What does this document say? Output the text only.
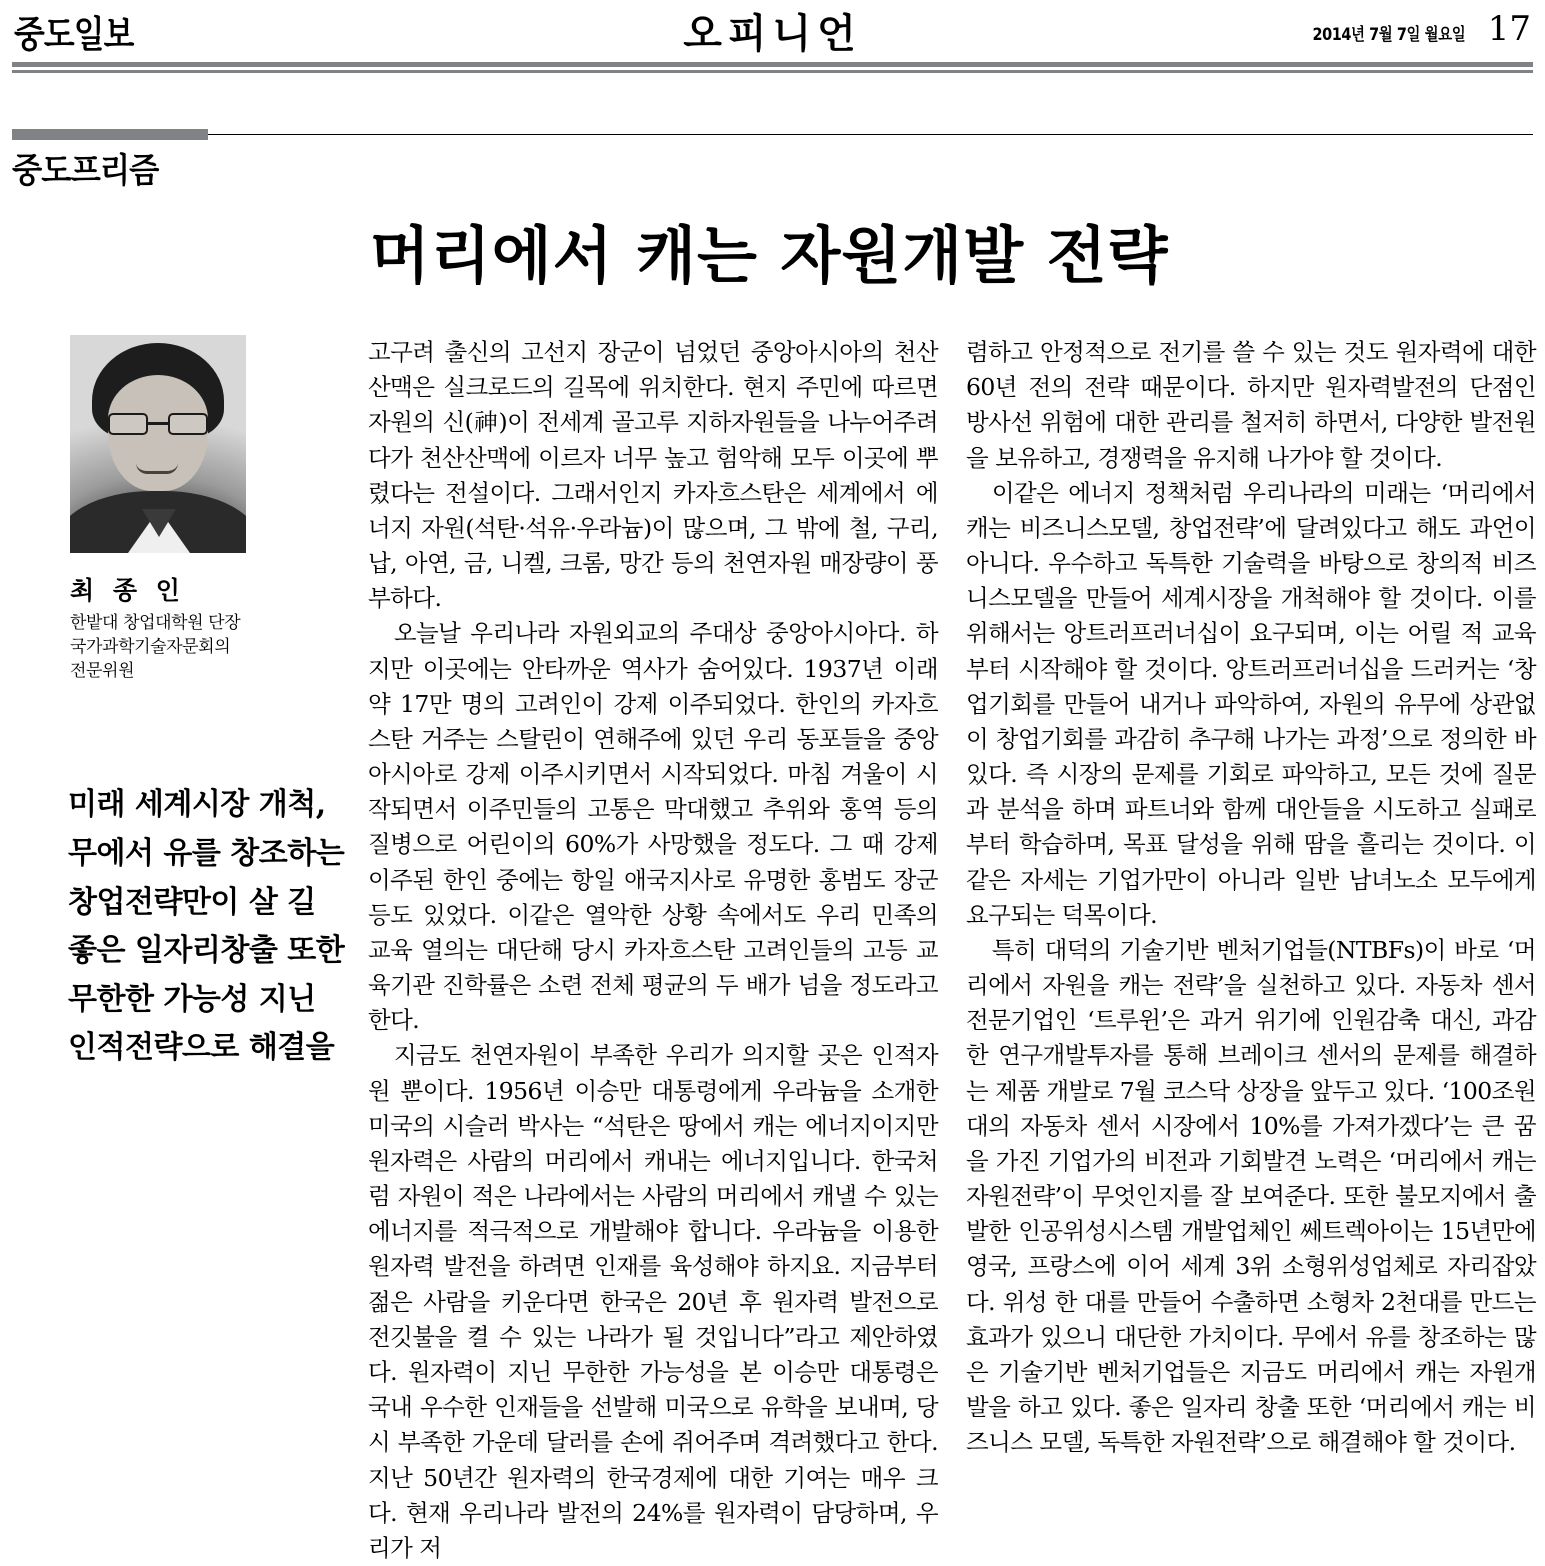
중도일보	오피니언	2014년 7월 7일 월요일 17
중도프리즘
머리에서 캐는 자원개발 전략
최 종 인
한밭대 창업대학원 단장
국가과학기술자문회의
전문위원
미래 세계시장 개척,
무에서 유를 창조하는
창업전략만이 살 길
좋은 일자리창출 또한
무한한 가능성 지닌
인적전략으로 해결을

고구려 출신의 고선지 장군이 넘었던 중앙아시아의 천산산맥은 실크로드의 길목에 위치한다. 현지 주민에 따르면 자원의 신(神)이 전세계 골고루 지하자원들을 나누어주려다가 천산산맥에 이르자 너무 높고 험악해 모두 이곳에 뿌렸다는 전설이다. 그래서인지 카자흐스탄은 세계에서 에너지 자원(석탄·석유·우라늄)이 많으며, 그 밖에 철, 구리, 납, 아연, 금, 니켈, 크롬, 망간 등의 천연자원 매장량이 풍부하다.

오늘날 우리나라 자원외교의 주대상 중앙아시아다. 하지만 이곳에는 안타까운 역사가 숨어있다. 1937년 이래 약 17만 명의 고려인이 강제 이주되었다. 한인의 카자흐스탄 거주는 스탈린이 연해주에 있던 우리 동포들을 중앙아시아로 강제 이주시키면서 시작되었다. 마침 겨울이 시작되면서 이주민들의 고통은 막대했고 추위와 홍역 등의 질병으로 어린이의 60%가 사망했을 정도다. 그 때 강제 이주된 한인 중에는 항일 애국지사로 유명한 홍범도 장군 등도 있었다. 이같은 열악한 상황 속에서도 우리 민족의 교육 열의는 대단해 당시 카자흐스탄 고려인들의 고등 교육기관 진학률은 소련 전체 평균의 두 배가 넘을 정도라고 한다.

지금도 천연자원이 부족한 우리가 의지할 곳은 인적자원 뿐이다. 1956년 이승만 대통령에게 우라늄을 소개한 미국의 시슬러 박사는 “석탄은 땅에서 캐는 에너지이지만 원자력은 사람의 머리에서 캐내는 에너지입니다. 한국처럼 자원이 적은 나라에서는 사람의 머리에서 캐낼 수 있는 에너지를 적극적으로 개발해야 합니다. 우라늄을 이용한 원자력 발전을 하려면 인재를 육성해야 하지요. 지금부터 젊은 사람을 키운다면 한국은 20년 후 원자력 발전으로 전깃불을 켤 수 있는 나라가 될 것입니다”라고 제안하였다. 원자력이 지닌 무한한 가능성을 본 이승만 대통령은 국내 우수한 인재들을 선발해 미국으로 유학을 보내며, 당시 부족한 가운데 달러를 손에 쥐어주며 격려했다고 한다. 지난 50년간 원자력의 한국경제에 대한 기여는 매우 크다. 현재 우리나라 발전의 24%를 원자력이 담당하며, 우리가 저

렴하고 안정적으로 전기를 쓸 수 있는 것도 원자력에 대한 60년 전의 전략 때문이다. 하지만 원자력발전의 단점인 방사선 위험에 대한 관리를 철저히 하면서, 다양한 발전원을 보유하고, 경쟁력을 유지해 나가야 할 것이다.

이같은 에너지 정책처럼 우리나라의 미래는 ‘머리에서 캐는 비즈니스모델, 창업전략’에 달려있다고 해도 과언이 아니다. 우수하고 독특한 기술력을 바탕으로 창의적 비즈니스모델을 만들어 세계시장을 개척해야 할 것이다. 이를 위해서는 앙트러프러너십이 요구되며, 이는 어릴 적 교육부터 시작해야 할 것이다. 앙트러프러너십을 드러커는 ‘창업기회를 만들어 내거나 파악하여, 자원의 유무에 상관없이 창업기회를 과감히 추구해 나가는 과정’으로 정의한 바 있다. 즉 시장의 문제를 기회로 파악하고, 모든 것에 질문과 분석을 하며 파트너와 함께 대안들을 시도하고 실패로부터 학습하며, 목표 달성을 위해 땀을 흘리는 것이다. 이같은 자세는 기업가만이 아니라 일반 남녀노소 모두에게 요구되는 덕목이다.

특히 대덕의 기술기반 벤처기업들(NTBFs)이 바로 ‘머리에서 자원을 캐는 전략’을 실천하고 있다. 자동차 센서 전문기업인 ‘트루윈’은 과거 위기에 인원감축 대신, 과감한 연구개발투자를 통해 브레이크 센서의 문제를 해결하는 제품 개발로 7월 코스닥 상장을 앞두고 있다. ‘100조원대의 자동차 센서 시장에서 10%를 가져가겠다’는 큰 꿈을 가진 기업가의 비전과 기회발견 노력은 ‘머리에서 캐는 자원전략’이 무엇인지를 잘 보여준다. 또한 불모지에서 출발한 인공위성시스템 개발업체인 쎄트렉아이는 15년만에 영국, 프랑스에 이어 세계 3위 소형위성업체로 자리잡았다. 위성 한 대를 만들어 수출하면 소형차 2천대를 만드는 효과가 있으니 대단한 가치이다. 무에서 유를 창조하는 많은 기술기반 벤처기업들은 지금도 머리에서 캐는 자원개발을 하고 있다. 좋은 일자리 창출 또한 ‘머리에서 캐는 비즈니스 모델, 독특한 자원전략’으로 해결해야 할 것이다.
